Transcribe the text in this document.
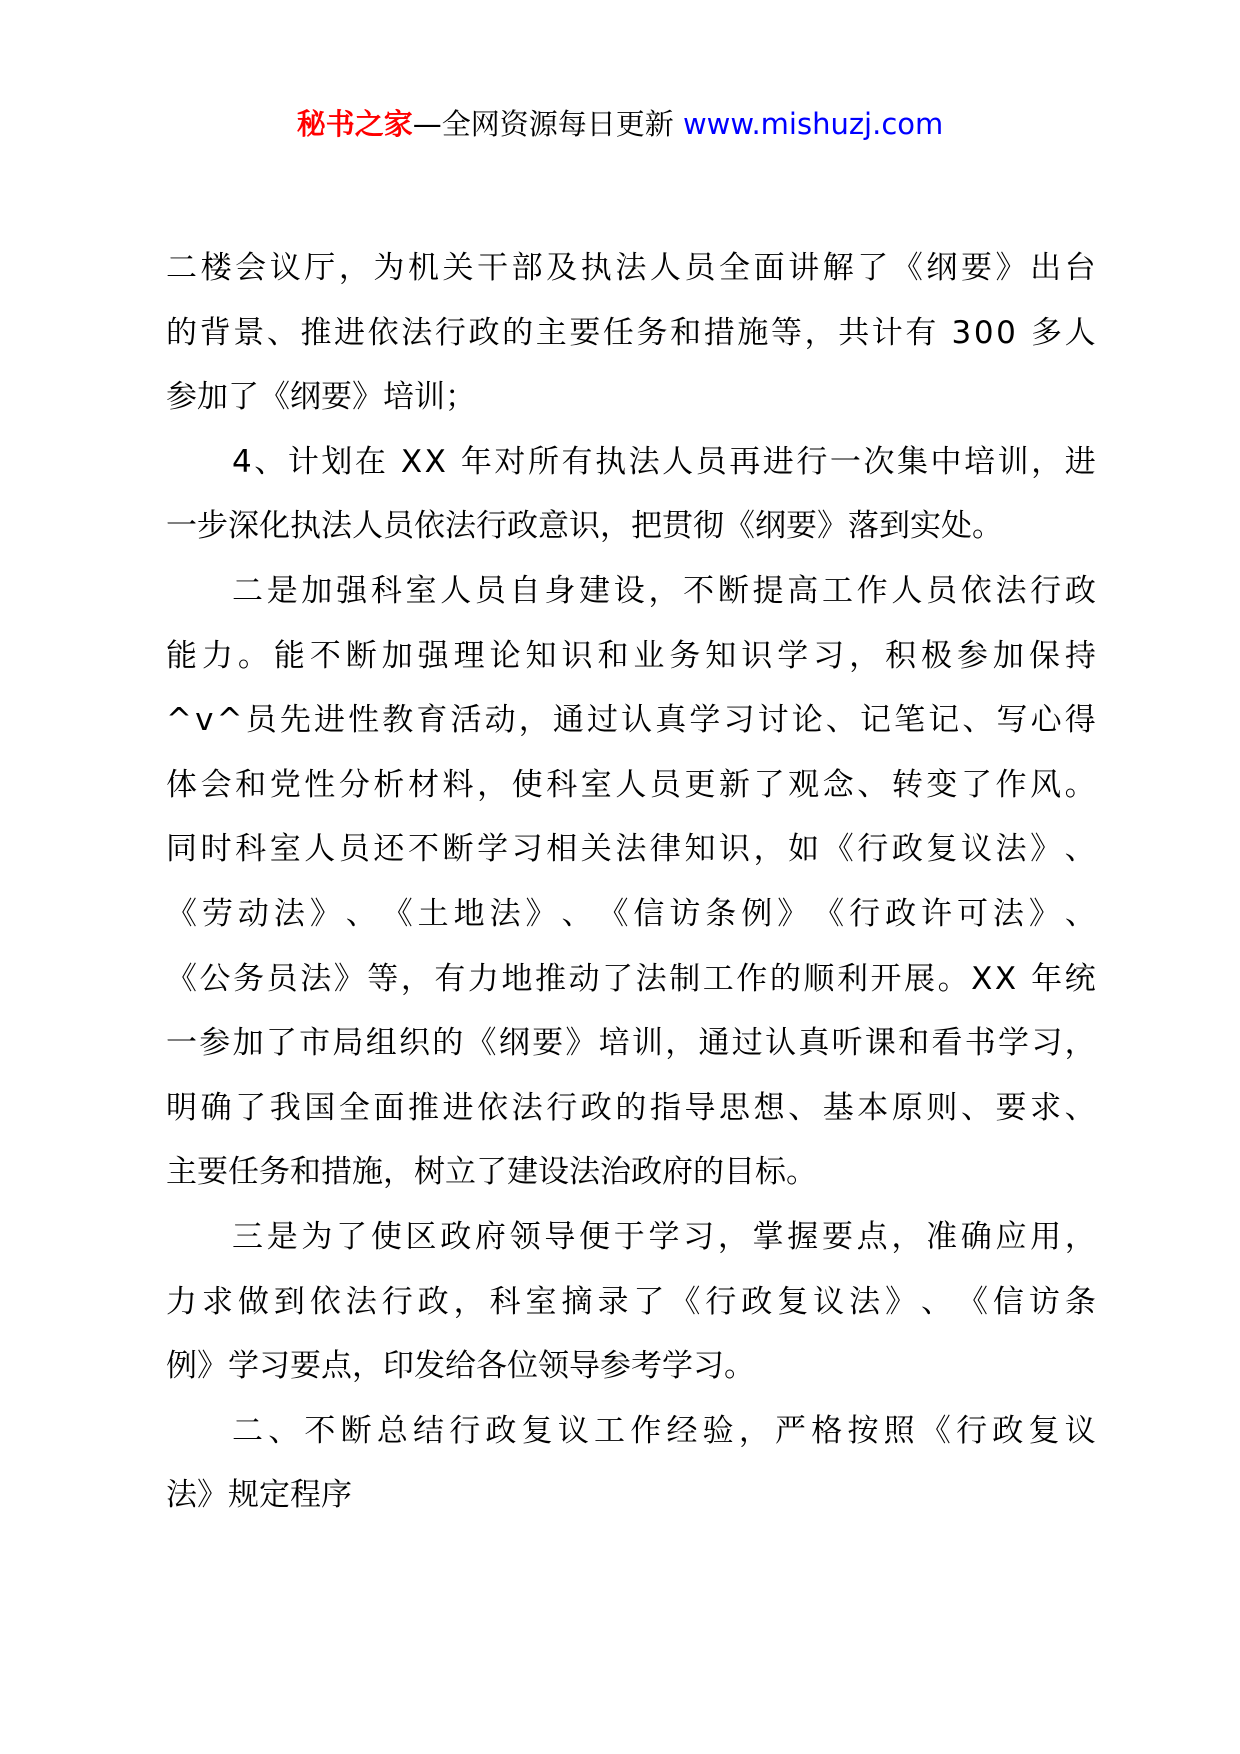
秘书之家—全网资源每日更新 www.mishuzj.com
二 楼 会 议 厅 ， 为 机 关 干 部 及 执 法 人 员 全 面 讲 解 了 《 纲 要 》 出 台
的 背 景 、 推 进 依 法 行 政 的 主 要 任 务 和 措 施 等 ， 共 计 有
3 0 0
多 人
参加了《纲要》培训；
4 、 计 划 在
X X
年 对 所 有 执 法 人 员 再 进 行 一 次 集 中 培 训 ， 进
一步深化执法人员依法行政意识，把贯彻《纲要》落到实处。
二 是 加 强 科 室 人 员 自 身 建 设 ， 不 断 提 高 工 作 人 员 依 法 行 政
能 力 。 能 不 断 加 强 理 论 知 识 和 业 务 知 识 学 习 ， 积 极 参 加 保 持
^ v ^ 员 先 进 性 教 育 活 动 ， 通 过 认 真 学 习 讨 论 、 记 笔 记 、 写 心 得
体 会 和 党 性 分 析 材 料 ， 使 科 室 人 员 更 新 了 观 念 、 转 变 了 作 风 。
同 时 科 室 人 员 还 不 断 学 习 相 关 法 律 知 识 ， 如 《 行 政 复 议 法 》 、
《 劳 动 法 》 、 《 土 地 法 》 、 《 信 访 条 例 》 《 行 政 许 可 法 》 、
《 公 务 员 法 》 等 ， 有 力 地 推 动 了 法 制 工 作 的 顺 利 开 展 。 X X
年 统
一 参 加 了 市 局 组 织 的 《 纲 要 》 培 训 ， 通 过 认 真 听 课 和 看 书 学 习 ，
明 确 了 我 国 全 面 推 进 依 法 行 政 的 指 导 思 想 、 基 本 原 则 、 要 求 、
主要任务和措施，树立了建设法治政府的目标。
三 是 为 了 使 区 政 府 领 导 便 于 学 习 ， 掌 握 要 点 ， 准 确 应 用 ，
力 求 做 到 依 法 行 政 ， 科 室 摘 录 了 《 行 政 复 议 法 》 、 《 信 访 条
例》学习要点，印发给各位领导参考学习。
二 、 不 断 总 结 行 政 复 议 工 作 经 验 ， 严 格 按 照 《 行 政 复 议
法》规定程序
